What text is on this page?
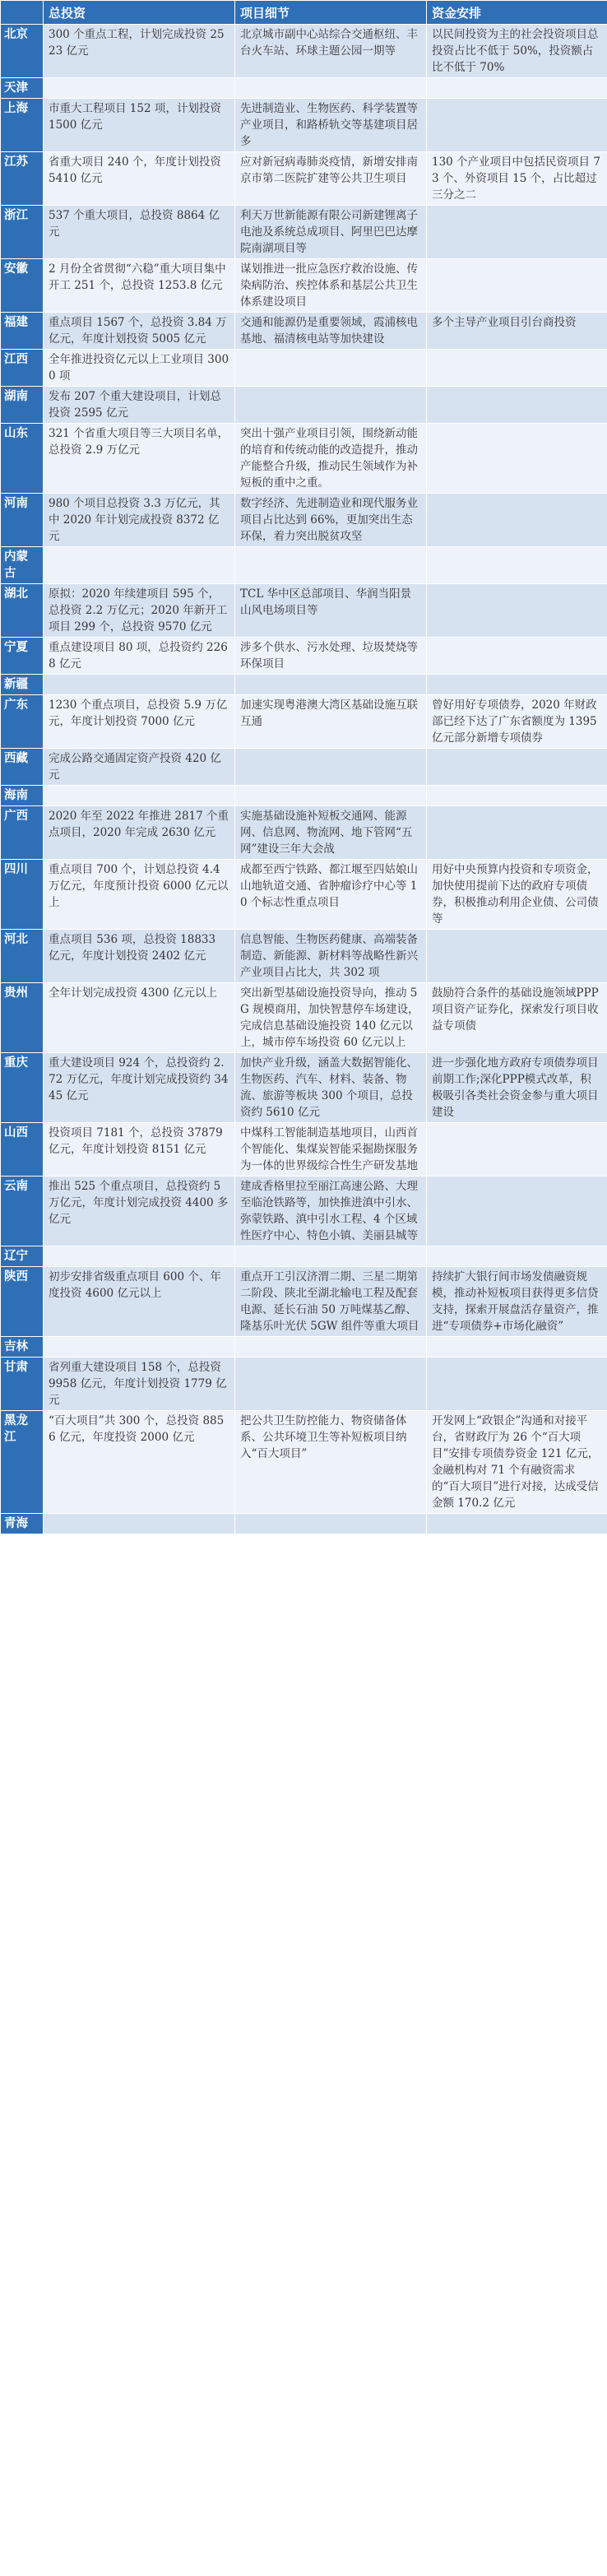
	总投资	项目细节	资金安排
北京	300 个重点工程，计划完成投资 2523 亿元	北京城市副中心站综合交通枢纽、丰台火车站、环球主题公园一期等	以民间投资为主的社会投资项目总投资占比不低于 50%，投资额占比不低于 70%
天津			
上海	市重大工程项目 152 项，计划投资 1500 亿元	先进制造业、生物医药、科学装置等产业项目，和路桥轨交等基建项目居多	
江苏	省重大项目 240 个，年度计划投资 5410 亿元	应对新冠病毒肺炎疫情，新增安排南京市第二医院扩建等公共卫生项目	130 个产业项目中包括民资项目 73 个、外资项目 15 个，占比超过三分之二
浙江	537 个重大项目，总投资 8864 亿元	利天万世新能源有限公司新建锂离子电池及系统总成项目、阿里巴巴达摩院南湖项目等	
安徽	2 月份全省贯彻“六稳”重大项目集中开工 251 个，总投资 1253.8 亿元	谋划推进一批应急医疗救治设施、传染病防治、疾控体系和基层公共卫生体系建设项目	
福建	重点项目 1567 个，总投资 3.84 万亿元，年度计划投资 5005 亿元	交通和能源仍是重要领域，霞浦核电基地、福清核电站等加快建设	多个主导产业项目引台商投资
江西	全年推进投资亿元以上工业项目 3000 项		
湖南	发布 207 个重大建设项目，计划总投资 2595 亿元		
山东	321 个省重大项目等三大项目名单，总投资 2.9 万亿元	突出十强产业项目引领，围绕新动能的培育和传统动能的改造提升，推动产能整合升级，推动民生领域作为补短板的重中之重。	
河南	980 个项目总投资 3.3 万亿元，其中 2020 年计划完成投资 8372 亿元	数字经济、先进制造业和现代服务业项目占比达到 66%，更加突出生态环保，着力突出脱贫攻坚	
内蒙古			
湖北	原拟：2020 年续建项目 595 个，总投资 2.2 万亿元；2020 年新开工项目 299 个，总投资 9570 亿元	TCL 华中区总部项目、华润当阳景山风电场项目等	
宁夏	重点建设项目 80 项，总投资约 2268 亿元	涉多个供水、污水处理、垃圾焚烧等环保项目	
新疆			
广东	1230 个重点项目，总投资 5.9 万亿元，年度计划投资 7000 亿元	加速实现粤港澳大湾区基础设施互联互通	曾好用好专项债券，2020 年财政部已经下达了广东省额度为 1395 亿元部分新增专项债券
西藏	完成公路交通固定资产投资 420 亿元		
海南			
广西	2020 年至 2022 年推进 2817 个重点项目，2020 年完成 2630 亿元	实施基础设施补短板交通网、能源网、信息网、物流网、地下管网“五网”建设三年大会战	
四川	重点项目 700 个，计划总投资 4.4 万亿元，年度预计投资 6000 亿元以上	成都至西宁铁路、都江堰至四姑娘山山地轨道交通、省肿瘤诊疗中心等 10 个标志性重点项目	用好中央预算内投资和专项资金，加快使用提前下达的政府专项债券，积极推动利用企业债、公司债等
河北	重点项目 536 项，总投资 18833 亿元，年度计划投资 2402 亿元	信息智能、生物医药健康、高端装备制造、新能源、新材料等战略性新兴产业项目占比大，共 302 项	
贵州	全年计划完成投资 4300 亿元以上	突出新型基础设施投资导向，推动 5G 规模商用，加快智慧停车场建设，完成信息基础设施投资 140 亿元以上，城市停车场投资 60 亿元以上	鼓励符合条件的基础设施领域PPP项目资产证券化，探索发行项目收益专项债
重庆	重大建设项目 924 个，总投资约 2.72 万亿元，年度计划完成投资约 3445 亿元	加快产业升级，涵盖大数据智能化、生物医药、汽车、材料、装备、物流、旅游等板块 300 个项目，总投资约 5610 亿元	进一步强化地方政府专项债券项目前期工作;深化PPP模式改革，积极吸引各类社会资金参与重大项目建设
山西	投资项目 7181 个，总投资 37879 亿元，年度计划投资 8151 亿元	中煤科工智能制造基地项目，山西首个智能化、集煤炭智能采掘勘探服务为一体的世界级综合性生产研发基地	
云南	推出 525 个重点项目，总投资约 5 万亿元，年度计划完成投资 4400 多亿元	建成香格里拉至丽江高速公路、大理至临沧铁路等，加快推进滇中引水、弥蒙铁路、滇中引水工程、4 个区域性医疗中心、特色小镇、美丽县城等	
辽宁			
陕西	初步安排省级重点项目 600 个、年度投资 4600 亿元以上	重点开工引汉济渭二期、三星二期第二阶段、陕北至湖北输电工程及配套电源、延长石油 50 万吨煤基乙醇、隆基乐叶光伏 5GW 组件等重大项目	持续扩大银行间市场发债融资规模，推动补短板项目获得更多信贷支持，探索开展盘活存量资产，推进“专项债券+市场化融资”
吉林			
甘肃	省列重大建设项目 158 个，总投资 9958 亿元，年度计划投资 1779 亿元		
黑龙江	“百大项目”共 300 个，总投资 8856 亿元，年度投资 2000 亿元	把公共卫生防控能力、物资储备体系、公共环境卫生等补短板项目纳入“百大项目”	开发网上“政银企”沟通和对接平台，省财政厅为 26 个“百大项目”安排专项债券资金 121 亿元，金融机构对 71 个有融资需求的“百大项目”进行对接，达成受信金额 170.2 亿元
青海			
